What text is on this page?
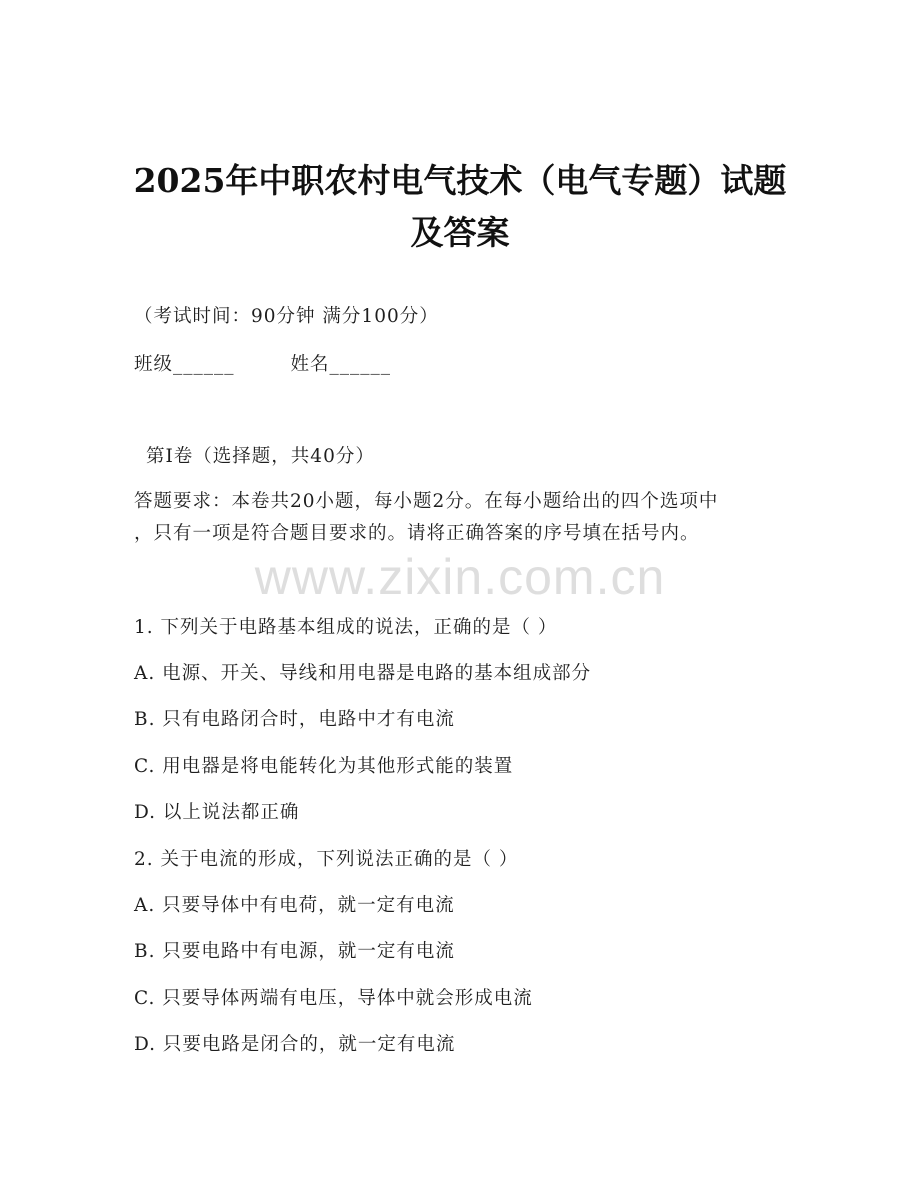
2025年中职农村电气技术（电气专题）试题
及答案
（考试时间：90分钟 满分100分）
班级______	姓名______
第I卷（选择题，共40分）
答题要求：本卷共20小题，每小题2分。在每小题给出的四个选项中
，只有一项是符合题目要求的。请将正确答案的序号填在括号内。
www.zixin.com.cn
1. 下列关于电路基本组成的说法，正确的是（ ）
A. 电源、开关、导线和用电器是电路的基本组成部分
B. 只有电路闭合时，电路中才有电流
C. 用电器是将电能转化为其他形式能的装置
D. 以上说法都正确
2. 关于电流的形成，下列说法正确的是（ ）
A. 只要导体中有电荷，就一定有电流
B. 只要电路中有电源，就一定有电流
C. 只要导体两端有电压，导体中就会形成电流
D. 只要电路是闭合的，就一定有电流
